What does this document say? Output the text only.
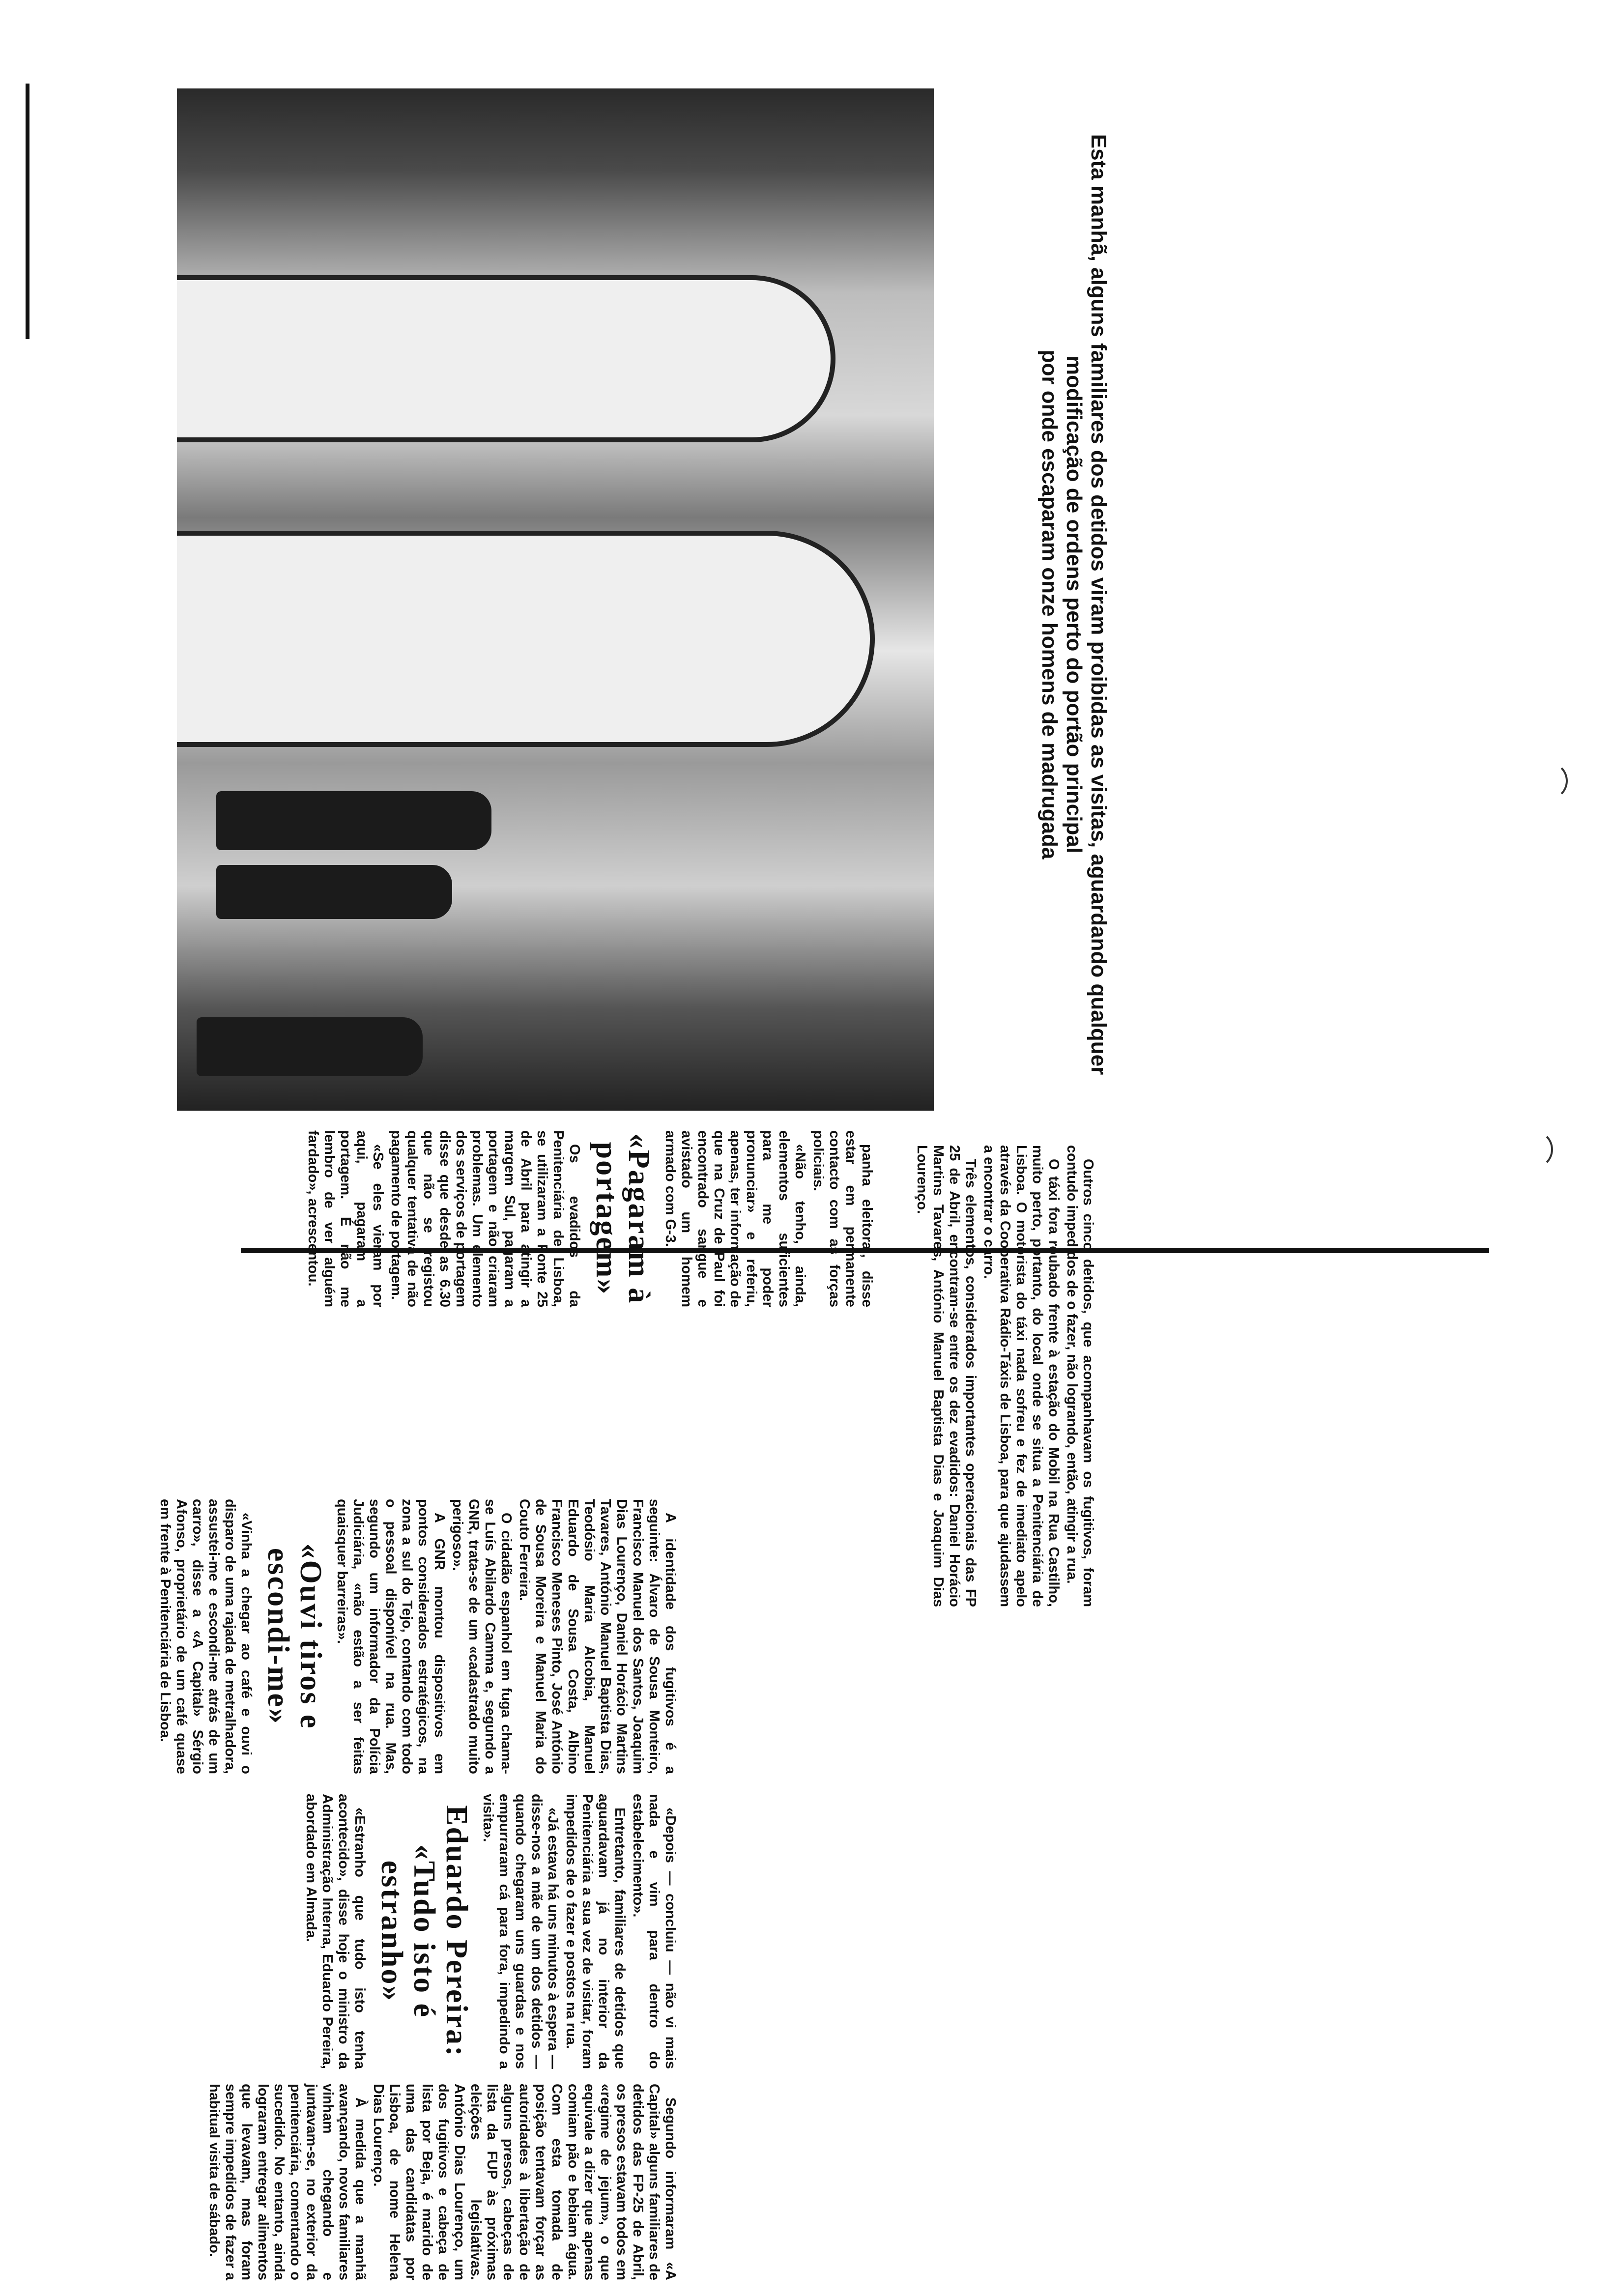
Esta manhã, alguns familiares dos detidos viram proibidas as visitas, aguardando qualquer modificação de ordens perto do portão principal
por onde escaparam onze homens de madrugada

panha eleitoral, disse estar em permanente contacto com as forças policiais.

«Não tenho, ainda, elementos suficientes para me poder pronunciar» e referiu, apenas, ter informação de que na Cruz de Paul foi encontrado sangue e avistado um homem armado com G-3.

«Pagaram à portagem»

Os evadidos da Penitenciária de Lisboa, se utilizaram a Ponte 25 de Abril para atingir a margem Sul, pagaram a portagem e não criaram problemas. Um elemento dos serviços de portagem disse que desde as 6.30 que não se registou qualquer tentativa de não pagamento de portagem.

«Se eles vieram por aqui, pagaram a portagem. É não me lembro de ver alguém fardado», acrescentou.	Outros cinco detidos, que acompanhavam os fugitivos, foram contudo impedidos de o fazer, não logrando, então, atingir a rua.

O táxi fora roubado frente à estação do Mobil na Rua Castilho, muito perto, portanto, do local onde se situa a Penitenciária de Lisboa. O motorista do táxi nada sofreu e fez de imediato apelo através da Cooperativa Rádio-Táxis de Lisboa, para que ajudassem a encontrar o carro.

Três elementos, considerados importantes operacionais das FP 25 de Abril, encontram-se entre os dez evadidos: Daniel Horácio Martins Tavares, António Manuel Baptista Dias e Joaquim Dias Lourenço.

A identidade dos fugitivos é a seguinte: Álvaro de Sousa Monteiro, Francisco Manuel dos Santos, Joaquim Dias Lourenço, Daniel Horácio Martins Tavares, António Manuel Baptista Dias, Teodósio Maria Alcobia, Manuel Eduardo de Sousa Costa, Albino Francisco Meneses Pinto, José António de Sousa Moreira e Manuel Maria do Couto Ferreira.

O cidadão espanhol em fuga chama-se Luís Abilardo Camma e, segundo a GNR, trata-se de um «cadastrado muito perigoso».

A GNR montou dispositivos em pontos considerados estratégicos, na zona a sul do Tejo, contando com todo o pessoal disponível na rua. Mas, segundo um informador da Polícia Judiciária, «não estão a ser feitas quaisquer barreiras».

«Ouvi tiros e escondi-me»

«Vinha a chegar ao café e ouvi o disparo de uma rajada de metralhadora, assustei-me e escondi-me atrás de um carro», disse a «A Capital» Sérgio Afonso, proprietário de um café quase em frente à Penitenciária de Lisboa.

«Depois — concluiu — não vi mais nada e vim para dentro do estabelecimento».

Entretanto, familiares de detidos que aguardavam já no interior da Penitenciária a sua vez de visitar, foram impedidos de o fazer e postos na rua.

«Já estava há uns minutos à espera — disse-nos a mãe de um dos detidos — quando chegaram uns guardas e nos empurraram cá para fora, impedindo a visita».

Eduardo Pereira: «Tudo isto é estranho»

«Estranho que tudo isto tenha acontecido», disse hoje o ministro da Administração Interna, Eduardo Pereira, abordado em Almada.

Segundo informaram «A Capital» alguns familiares de detidos das FP-25 de Abril, os presos estavam todos em «regime de jejum», o que equivale a dizer que apenas comiam pão e bebiam água. Com esta tomada de posição tentavam forçar as autoridades à libertação de alguns presos, cabeças de lista da FUP às próximas eleições legislativas. António Dias Lourenço, um dos fugitivos e cabeça de lista por Beja, é marido de uma das candidatas por Lisboa, de nome Helena Dias Lourenço.

À medida que a manhã avançando, novos familiares vinham chegando e juntavam-se, no exterior da penitenciária, comentando o sucedido. No entanto, ainda lograram entregar alimentos que levavam, mas foram sempre impedidos de fazer a habitual visita de sábado.
